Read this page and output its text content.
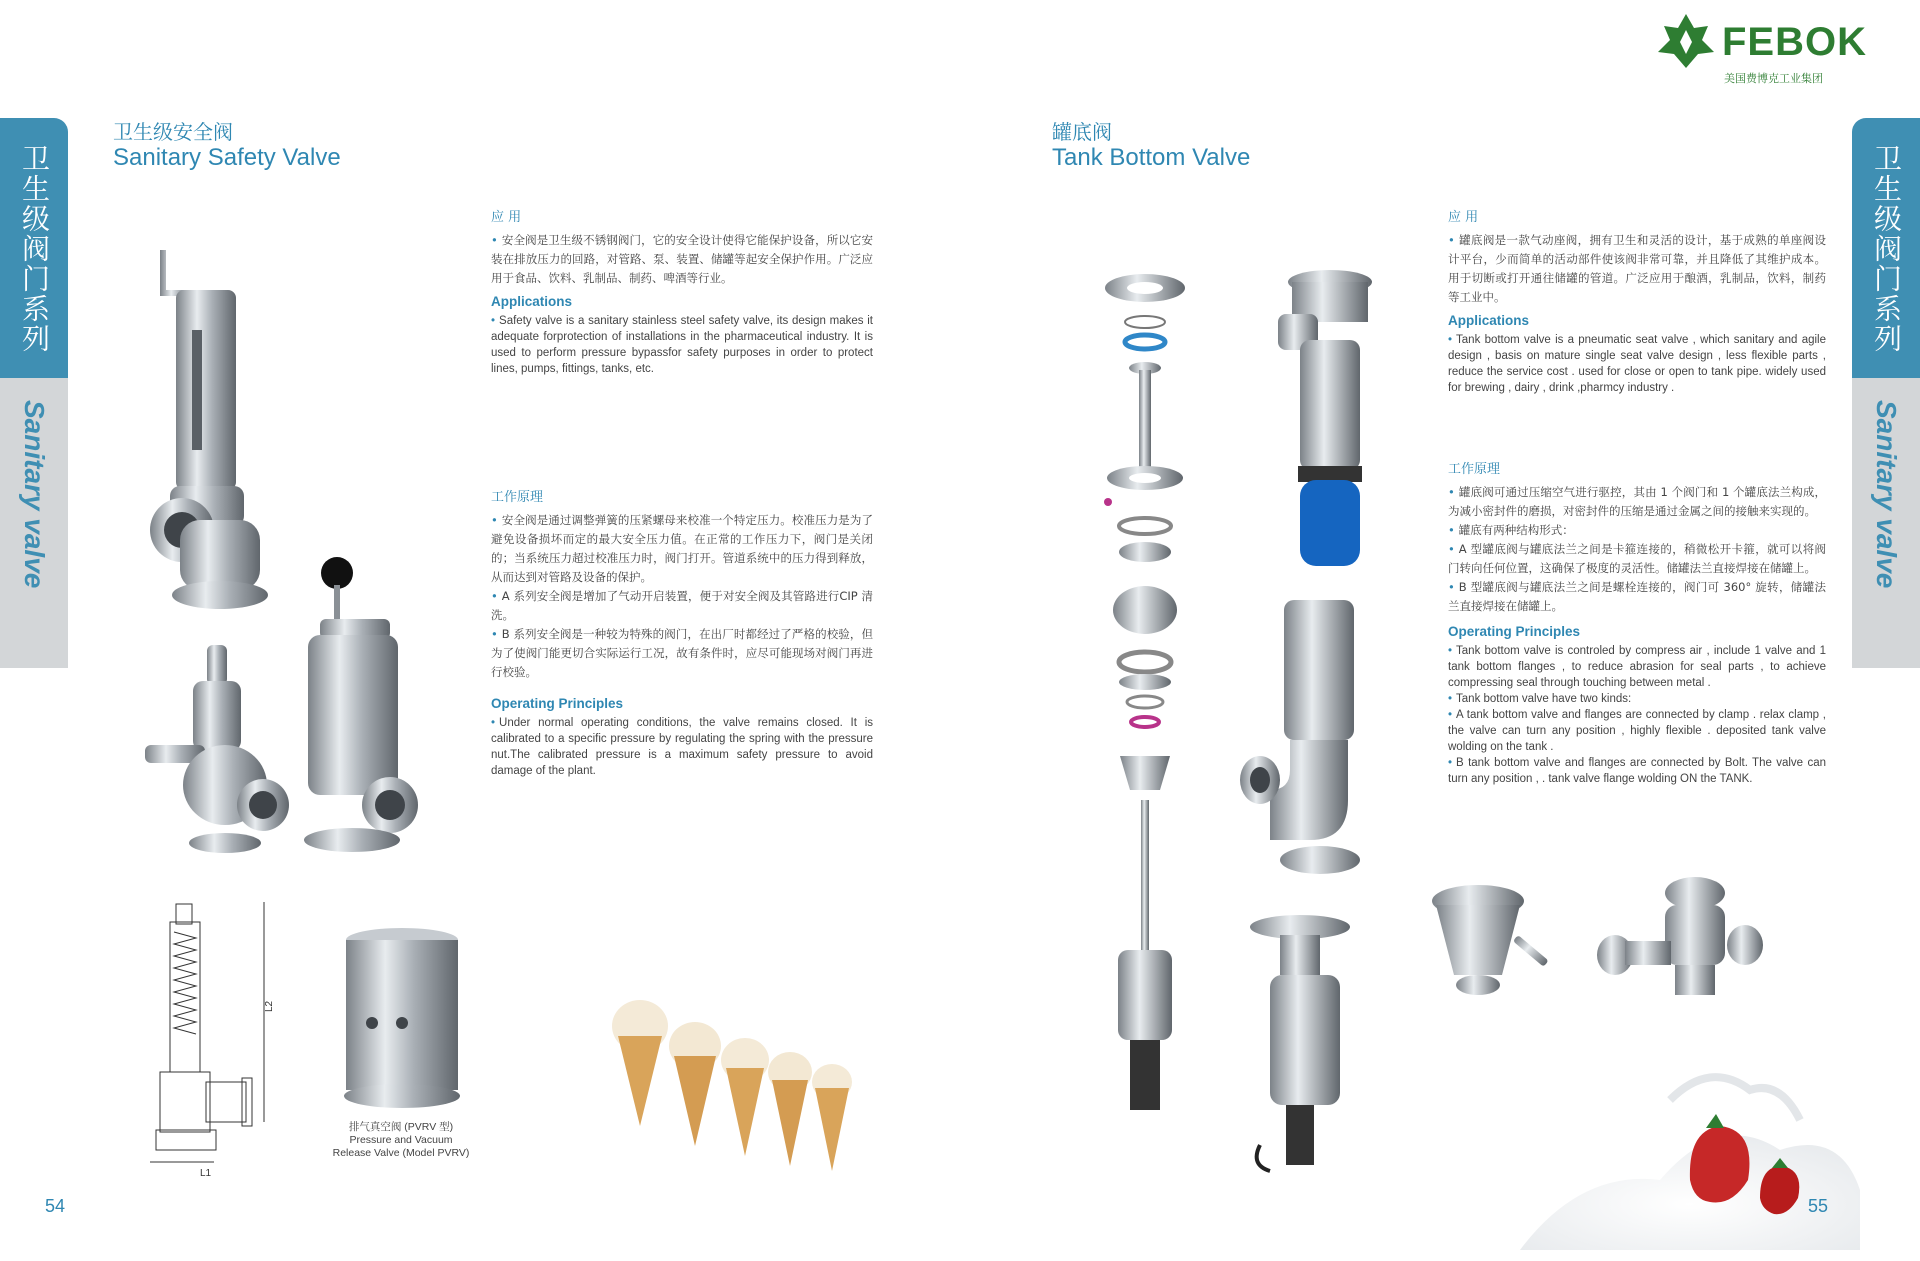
卫生级阀门系列
Sanitary valve
卫生级安全阀
Sanitary Safety Valve
应 用

• 安全阀是卫生级不锈钢阀门，它的安全设计使得它能保护设备，所以它安装在排放压力的回路，对管路、泵、装置、储罐等起安全保护作用。广泛应用于食品、饮料、乳制品、制药、啤酒等行业。

Applications

• Safety valve is a sanitary stainless steel safety valve, its design makes it adequate forprotection of installations in the pharmaceutical industry. It is used to perform pressure bypassfor safety purposes in order to protect lines, pumps, fittings, tanks, etc.

工作原理

• 安全阀是通过调整弹簧的压紧螺母来校准一个特定压力。校准压力是为了避免设备损坏而定的最大安全压力值。在正常的工作压力下，阀门是关闭的；当系统压力超过校准压力时，阀门打开。管道系统中的压力得到释放，从而达到对管路及设备的保护。

• A 系列安全阀是增加了气动开启装置，便于对安全阀及其管路进行CIP 清洗。

• B 系列安全阀是一种较为特殊的阀门，在出厂时都经过了严格的校验，但为了使阀门能更切合实际运行工况，故有条件时，应尽可能现场对阀门再进行校验。

Operating Principles

• Under normal operating conditions, the valve remains closed. It is calibrated to a specific pressure by regulating the spring with the pressure nut.The calibrated pressure is a maximum safety pressure to avoid damage of the plant.

L2
L1
排气真空阀 (PVRV 型)
Pressure and Vacuum
Release Valve (Model PVRV)
54
FEBOK
美国费博克工业集团
卫生级阀门系列
Sanitary valve
罐底阀
Tank Bottom Valve
应 用

• 罐底阀是一款气动座阀，拥有卫生和灵活的设计，基于成熟的单座阀设计平台，少而简单的活动部件使该阀非常可靠，并且降低了其维护成本。用于切断或打开通往储罐的管道。广泛应用于酿酒，乳制品，饮料，制药等工业中。

Applications

• Tank bottom valve is a pneumatic seat valve , which sanitary and agile design , basis on mature single seat valve design , less flexible parts , reduce the service cost . used for close or open to tank pipe. widely used for brewing , dairy , drink ,pharmcy industry .

工作原理

• 罐底阀可通过压缩空气进行驱控，其由 1 个阀门和 1 个罐底法兰构成，为减小密封件的磨损，对密封件的压缩是通过金属之间的接触来实现的。

• 罐底有两种结构形式：

• A 型罐底阀与罐底法兰之间是卡箍连接的，稍微松开卡箍，就可以将阀门转向任何位置，这确保了极度的灵活性。储罐法兰直接焊接在储罐上。

• B 型罐底阀与罐底法兰之间是螺栓连接的，阀门可 360° 旋转，储罐法兰直接焊接在储罐上。

Operating Principles

• Tank bottom valve is controled by compress air , include 1 valve and 1 tank bottom flanges , to reduce abrasion for seal parts , to achieve compressing seal through touching between metal .

• Tank bottom valve have two kinds:

• A tank bottom valve and flanges are connected by clamp . relax clamp , the valve can turn any position , highly flexible . deposited tank valve wolding on the tank .

• B tank bottom valve and flanges are connected by Bolt. The valve can turn any position , . tank valve flange wolding ON the TANK.

55
